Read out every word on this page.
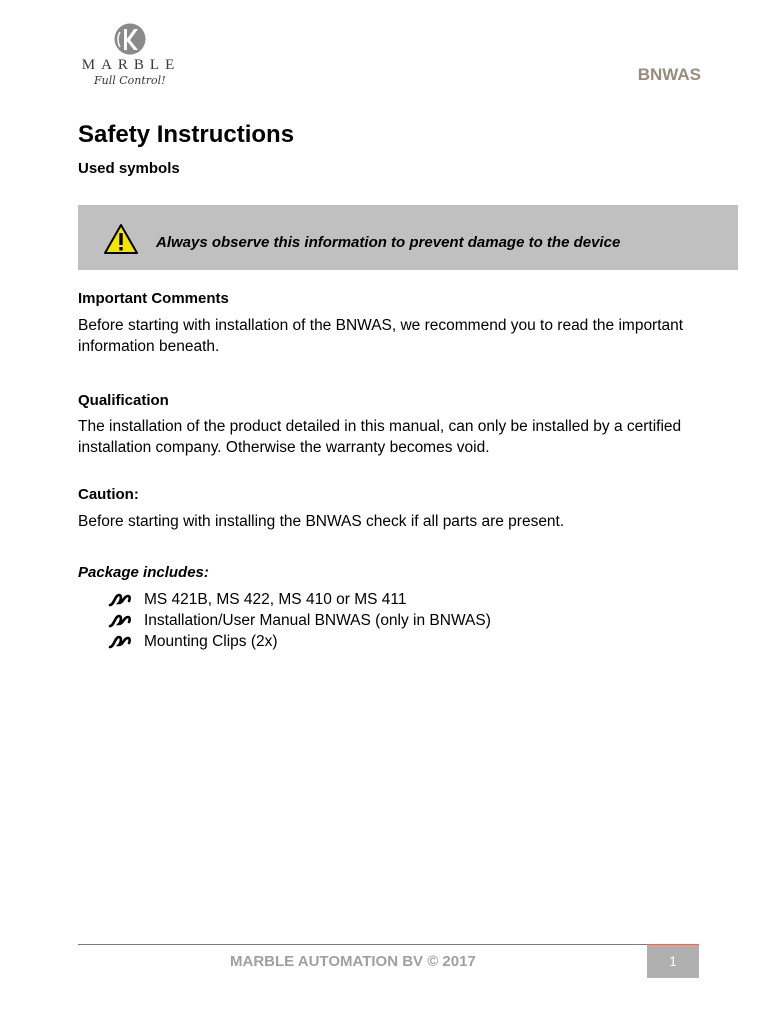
MARBLE
Full Control!	BNWAS
Safety Instructions
Used symbols
Always observe this information to prevent damage to the device
Important Comments
Before starting with installation of the BNWAS, we recommend you to read the important information beneath.
Qualification
The installation of the product detailed in this manual, can only be installed by a certified installation company. Otherwise the warranty becomes void.
Caution:
Before starting with installing the BNWAS check if all parts are present.
Package includes:
MS 421B, MS 422, MS 410 or MS 411
Installation/User Manual BNWAS (only in BNWAS)
Mounting Clips (2x)
MARBLE AUTOMATION BV © 2017	1
